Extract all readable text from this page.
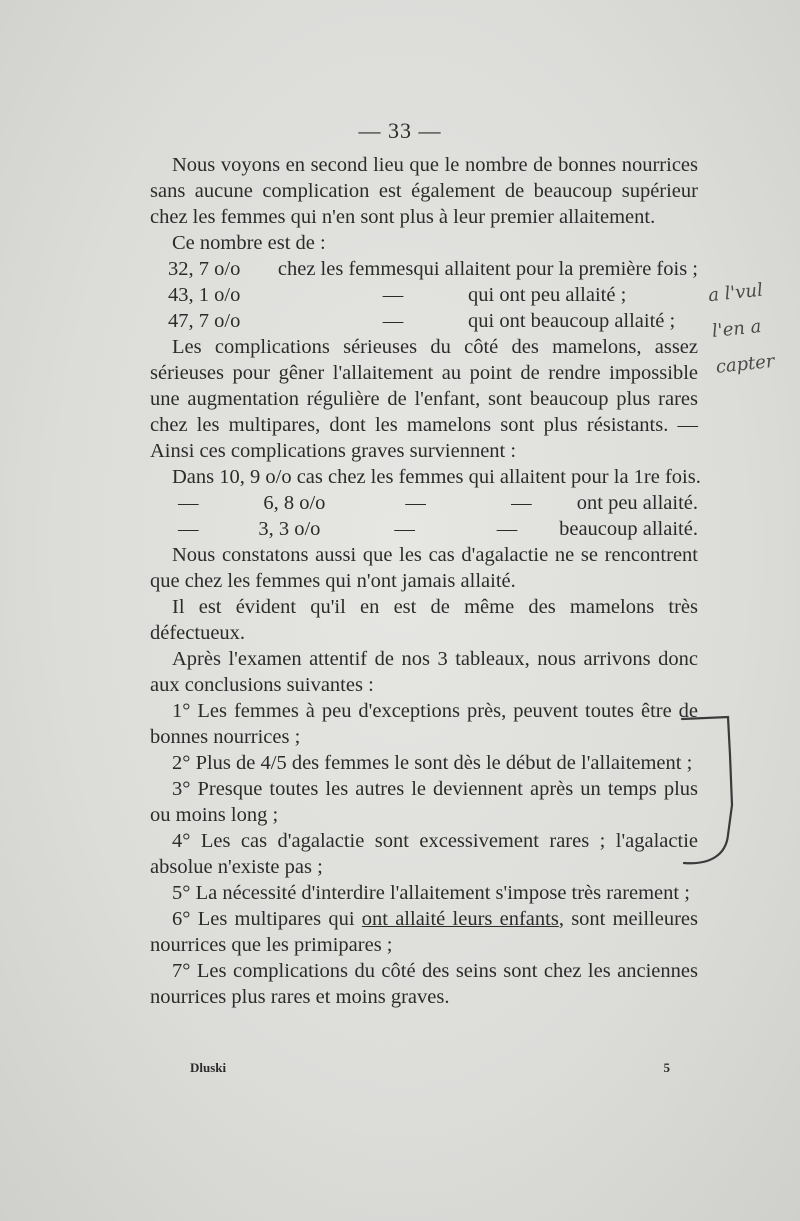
— 33 —

Nous voyons en second lieu que le nombre de bonnes nourrices sans aucune complication est également de beaucoup supérieur chez les femmes qui n'en sont plus à leur premier allaitement.

Ce nombre est de :

32, 7 o/o	chez les femmes qui allaitent pour la première fois ;
43, 1 o/o	—	qui ont peu allaité ;
47, 7 o/o	—	qui ont beaucoup allaité ;

Les complications sérieuses du côté des mamelons, assez sérieuses pour gêner l'allaitement au point de rendre impossible une augmentation régulière de l'enfant, sont beaucoup plus rares chez les multipares, dont les mamelons sont plus résistants. — Ainsi ces complications graves surviennent :

Dans 10, 9 o/o cas chez les femmes qui allaitent pour la 1re fois.
—	6, 8 o/o	—	—	ont peu allaité.
—	3, 3 o/o	—	—	beaucoup allaité.

Nous constatons aussi que les cas d'agalactie ne se rencontrent que chez les femmes qui n'ont jamais allaité.

Il est évident qu'il en est de même des mamelons très défectueux.

Après l'examen attentif de nos 3 tableaux, nous arrivons donc aux conclusions suivantes :

1° Les femmes à peu d'exceptions près, peuvent toutes être de bonnes nourrices ;

2° Plus de 4/5 des femmes le sont dès le début de l'allaitement ;

3° Presque toutes les autres le deviennent après un temps plus ou moins long ;

4° Les cas d'agalactie sont excessivement rares ; l'agalactie absolue n'existe pas ;

5° La nécessité d'interdire l'allaitement s'impose très rarement ;

6° Les multipares qui ont allaité leurs enfants, sont meilleures nourrices que les primipares ;

7° Les complications du côté des seins sont chez les anciennes nourrices plus rares et moins graves.

Dluski	5
a l'vul
l'en a
capter
